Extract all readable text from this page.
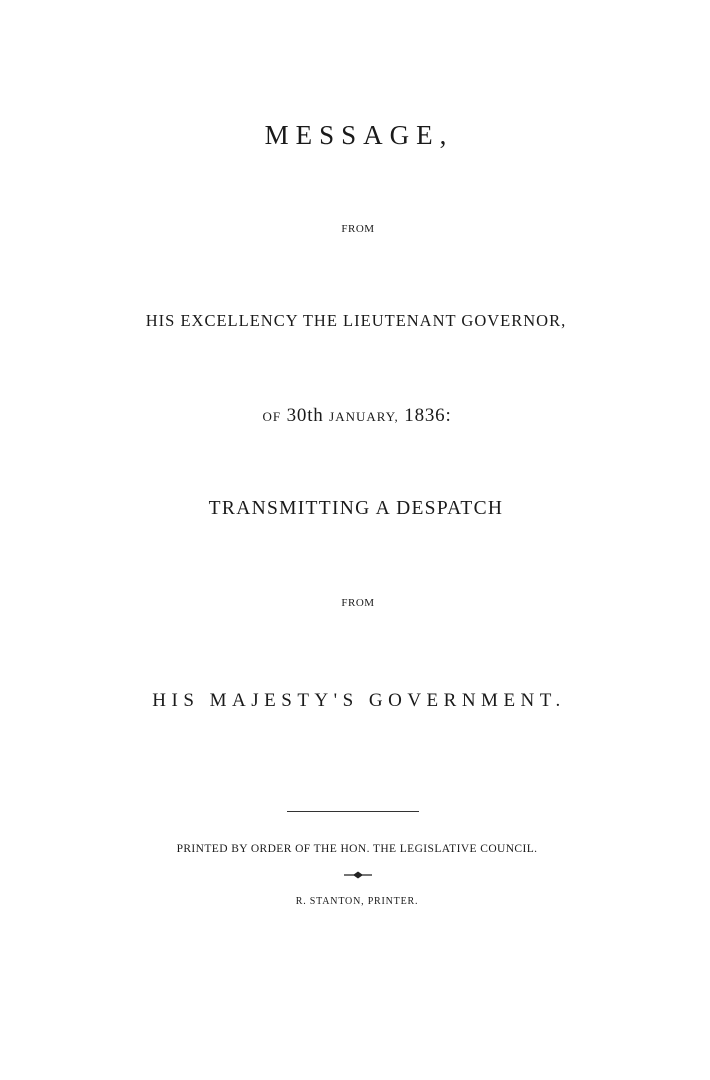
MESSAGE,
FROM
HIS EXCELLENCY THE LIEUTENANT GOVERNOR,
OF 30th JANUARY, 1836:
TRANSMITTING A DESPATCH
FROM
HIS MAJESTY'S GOVERNMENT.
PRINTED BY ORDER OF THE HON. THE LEGISLATIVE COUNCIL.
R. STANTON, PRINTER.
